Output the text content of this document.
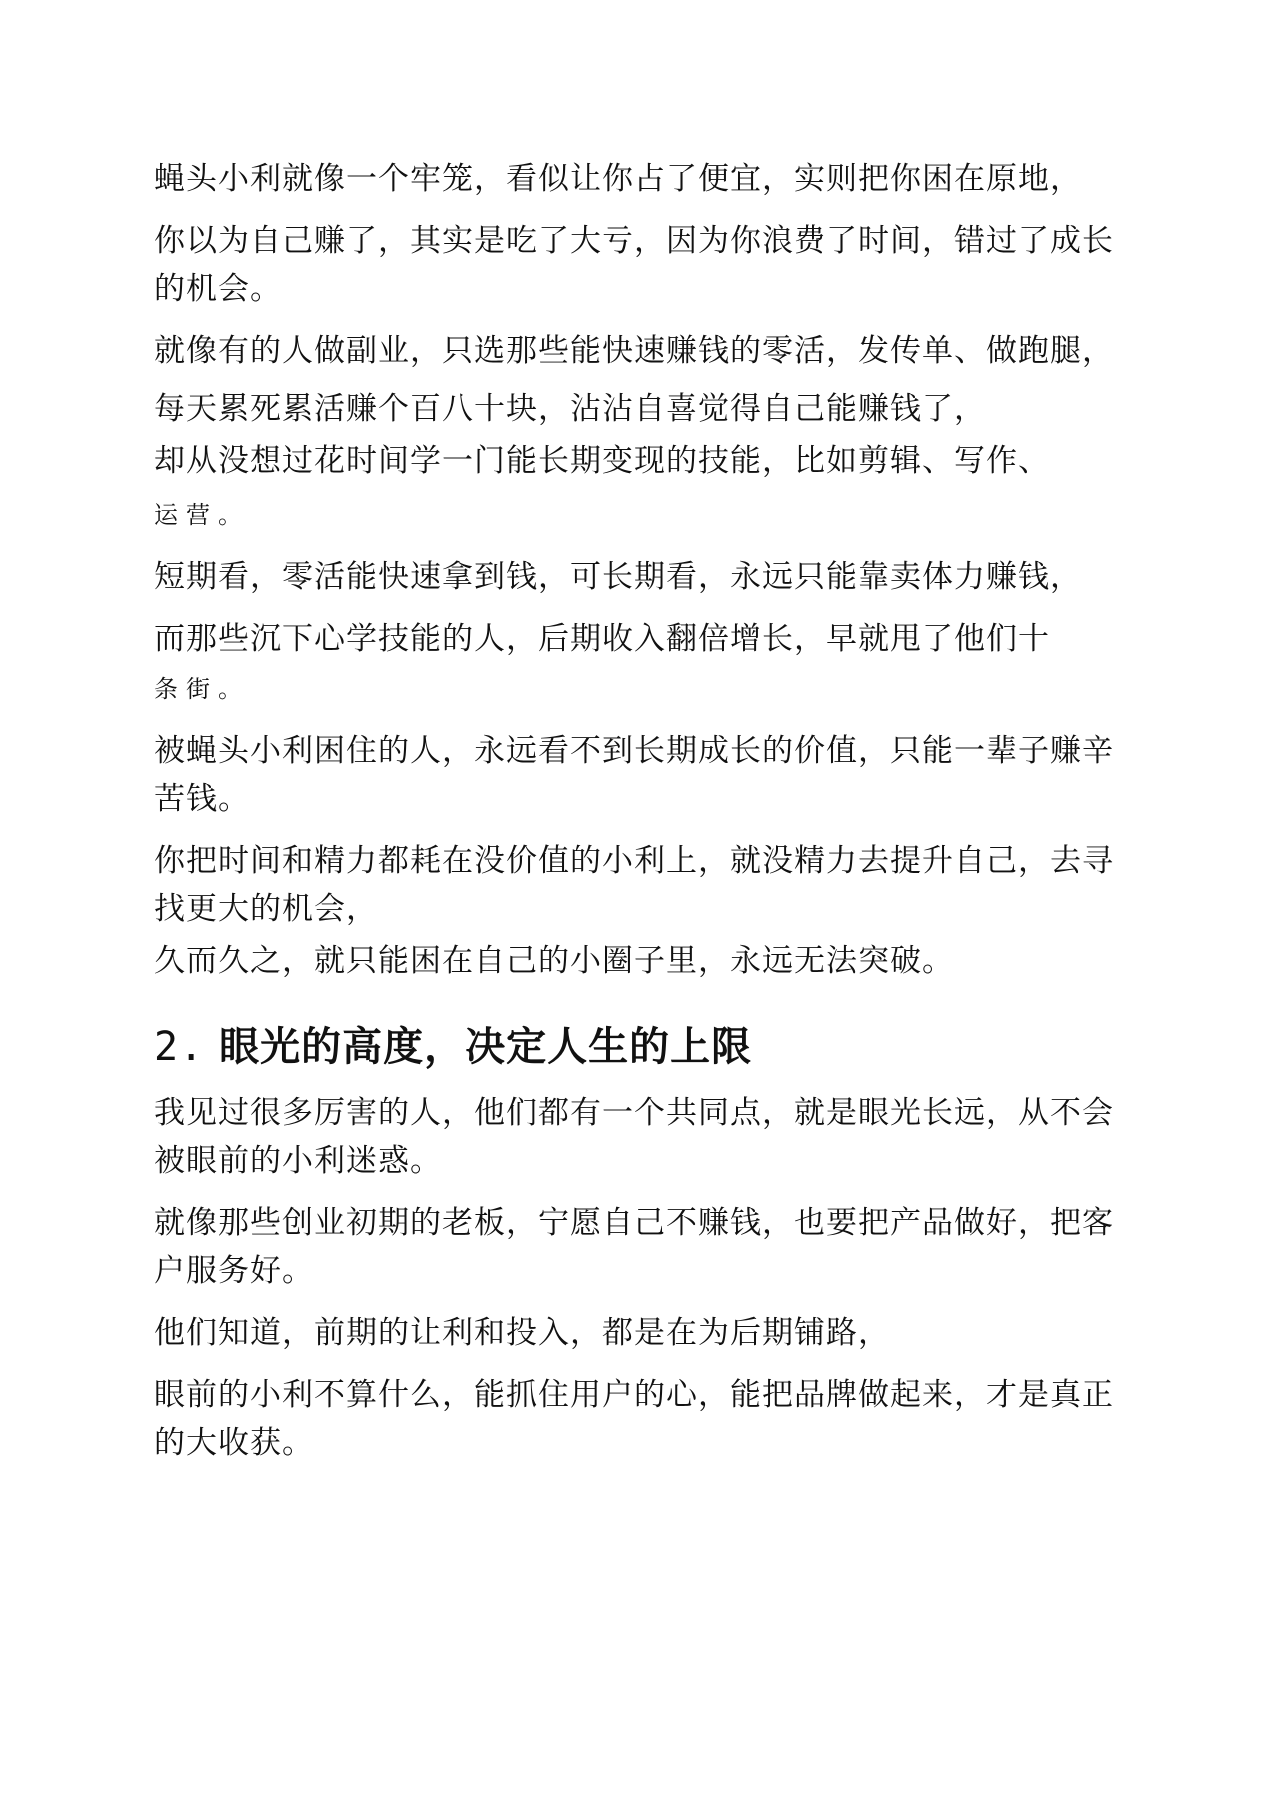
蝇头小利就像一个牢笼，看似让你占了便宜，实则把你困在原地，

你以为自己赚了，其实是吃了大亏，因为你浪费了时间，错过了成长的机会。

就像有的人做副业，只选那些能快速赚钱的零活，发传单、做跑腿，

每天累死累活赚个百八十块，沾沾自喜觉得自己能赚钱了，

却从没想过花时间学一门能长期变现的技能，比如剪辑、写作、

运营。

短期看，零活能快速拿到钱，可长期看，永远只能靠卖体力赚钱，

而那些沉下心学技能的人，后期收入翻倍增长，早就甩了他们十

条街。

被蝇头小利困住的人，永远看不到长期成长的价值，只能一辈子赚辛苦钱。

你把时间和精力都耗在没价值的小利上，就没精力去提升自己，去寻找更大的机会，

久而久之，就只能困在自己的小圈子里，永远无法突破。

2. 眼光的高度，决定人生的上限

我见过很多厉害的人，他们都有一个共同点，就是眼光长远，从不会被眼前的小利迷惑。

就像那些创业初期的老板，宁愿自己不赚钱，也要把产品做好，把客户服务好。

他们知道，前期的让利和投入，都是在为后期铺路，

眼前的小利不算什么，能抓住用户的心，能把品牌做起来，才是真正的大收获。
